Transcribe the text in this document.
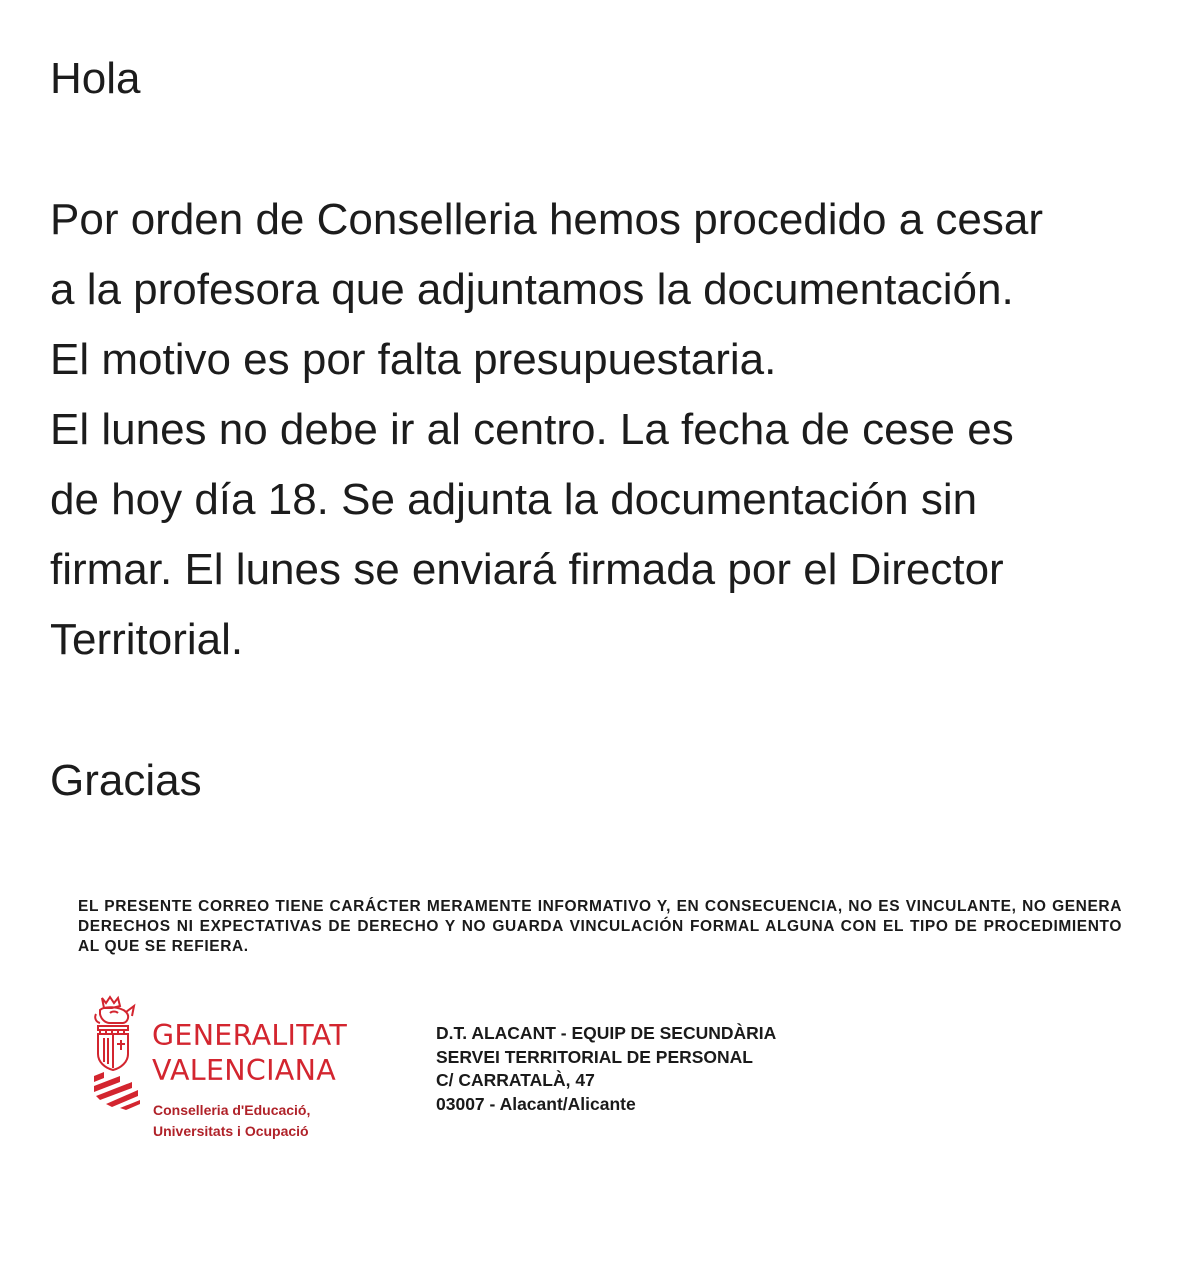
Hola

Por orden de Conselleria hemos procedido a cesar
a la profesora que adjuntamos la documentación.
El motivo es por falta presupuestaria.
El lunes no debe ir al centro. La fecha de cese es
de hoy día 18. Se adjunta la documentación sin
firmar. El lunes se enviará firmada por el Director
Territorial.

Gracias

EL PRESENTE CORREO TIENE CARÁCTER MERAMENTE INFORMATIVO Y, EN CONSECUENCIA, NO ES VINCULANTE, NO GENERA DERECHOS NI EXPECTATIVAS DE DERECHO Y NO GUARDA VINCULACIÓN FORMAL ALGUNA CON EL TIPO DE PROCEDIMIENTO AL QUE SE REFIERA.
GENERALITAT
VALENCIANA
Conselleria d'Educació,
Universitats i Ocupació
D.T. ALACANT - EQUIP DE SECUNDÀRIA
SERVEI TERRITORIAL DE PERSONAL
C/ CARRATALÀ, 47
03007 - Alacant/Alicante
